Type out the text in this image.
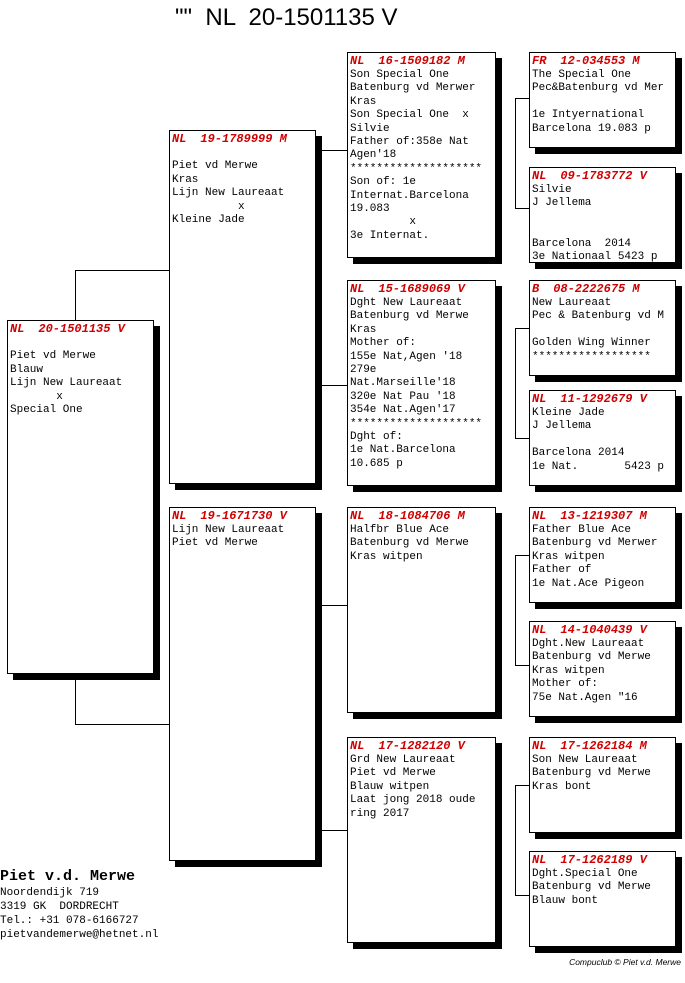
""  NL  20-1501135 V
NL 20-1501135 V

Piet vd Merwe
Blauw
Lijn New Laureaat
x
Special One
NL 19-1789999 M

Piet vd Merwe
Kras
Lijn New Laureaat
x
Kleine Jade
NL 19-1671730 V
Lijn New Laureaat
Piet vd Merwe
NL 16-1509182 M
Son Special One
Batenburg vd Merwer
Kras
Son Special One  x
Silvie
Father of:358e Nat
Agen'18
********************
Son of: 1e
Internat.Barcelona
19.083
x
3e Internat.
NL 15-1689069 V
Dght New Laureaat
Batenburg vd Merwe
Kras
Mother of:
155e Nat,Agen '18
279e
Nat.Marseille'18
320e Nat Pau '18
354e Nat.Agen'17
********************
Dght of:
1e Nat.Barcelona
10.685 p
NL 18-1084706 M
Halfbr Blue Ace
Batenburg vd Merwe
Kras witpen
NL 17-1282120 V
Grd New Laureaat
Piet vd Merwe
Blauw witpen
Laat jong 2018 oude
ring 2017
FR 12-034553 M
The Special One
Pec&Batenburg vd Mer

1e Intyernational
Barcelona 19.083 p
NL 09-1783772 V
Silvie
J Jellema

Barcelona  2014
3e Nationaal 5423 p
B 08-2222675 M
New Laureaat
Pec & Batenburg vd M

Golden Wing Winner
******************
NL 11-1292679 V
Kleine Jade
J Jellema

Barcelona 2014
1e Nat.       5423 p
NL 13-1219307 M
Father Blue Ace
Batenburg vd Merwer
Kras witpen
Father of
1e Nat.Ace Pigeon
NL 14-1040439 V
Dght.New Laureaat
Batenburg vd Merwe
Kras witpen
Mother of:
75e Nat.Agen "16
NL 17-1262184 M
Son New Laureaat
Batenburg vd Merwe
Kras bont
NL 17-1262189 V
Dght.Special One
Batenburg vd Merwe
Blauw bont
Piet v.d. Merwe
Noordendijk 719
3319 GK  DORDRECHT
Tel.: +31 078-6166727
pietvandemerwe@hetnet.nl
Compuclub © Piet v.d. Merwe
